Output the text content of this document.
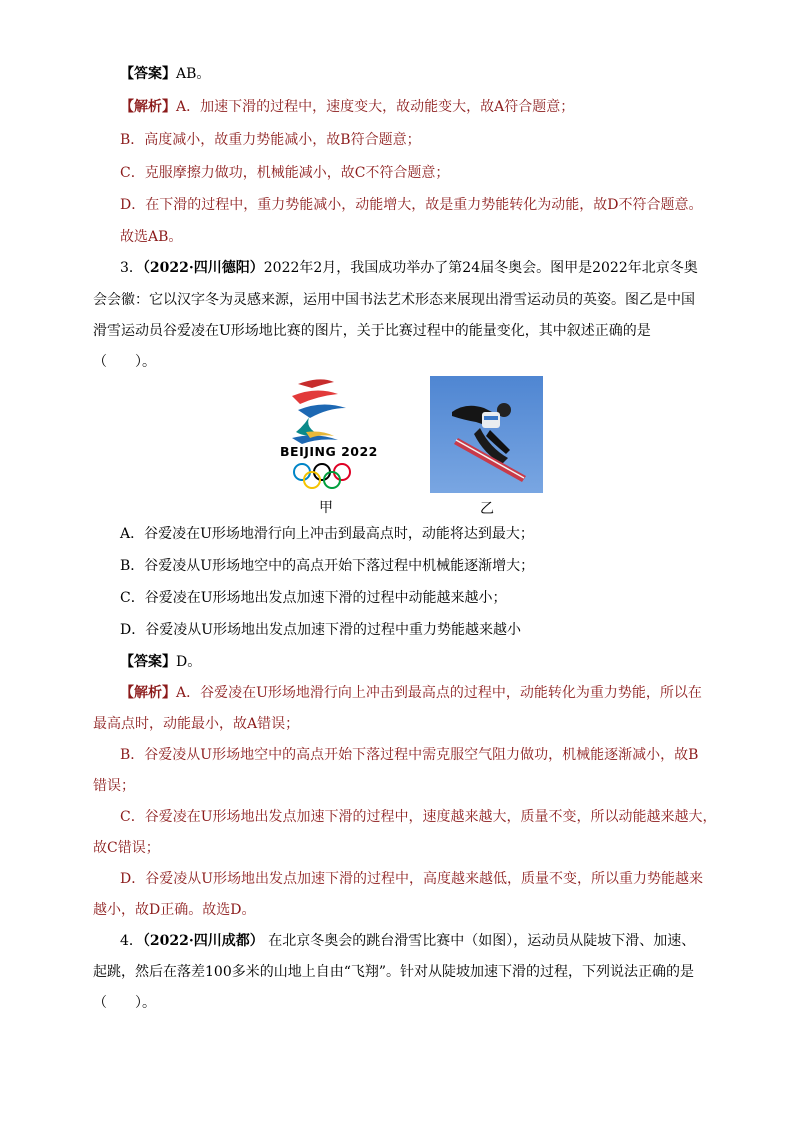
【答案】AB。
【解析】A．加速下滑的过程中，速度变大，故动能变大，故A符合题意；
B．高度减小，故重力势能减小，故B符合题意；
C．克服摩擦力做功，机械能减小，故C不符合题意；
D．在下滑的过程中，重力势能减小，动能增大，故是重力势能转化为动能，故D不符合题意。
故选AB。
3．（2022·四川德阳）2022年2月，我国成功举办了第24届冬奥会。图甲是2022年北京冬奥
会会徽：它以汉字冬为灵感来源，运用中国书法艺术形态来展现出滑雪运动员的英姿。图乙是中国
滑雪运动员谷爱凌在U形场地比赛的图片，关于比赛过程中的能量变化，其中叙述正确的是
（　　）。
BEIJING 2022
甲	乙
A．谷爱凌在U形场地滑行向上冲击到最高点时，动能将达到最大；
B．谷爱凌从U形场地空中的高点开始下落过程中机械能逐渐增大；
C．谷爱凌在U形场地出发点加速下滑的过程中动能越来越小；
D．谷爱凌从U形场地出发点加速下滑的过程中重力势能越来越小
【答案】D。
【解析】A．谷爱凌在U形场地滑行向上冲击到最高点的过程中，动能转化为重力势能，所以在
最高点时，动能最小，故A错误；
B．谷爱凌从U形场地空中的高点开始下落过程中需克服空气阻力做功，机械能逐渐减小，故B
错误；
C．谷爱凌在U形场地出发点加速下滑的过程中，速度越来越大，质量不变，所以动能越来越大，
故C错误；
D．谷爱凌从U形场地出发点加速下滑的过程中，高度越来越低，质量不变，所以重力势能越来
越小，故D正确。故选D。
4．（2022·四川成都） 在北京冬奥会的跳台滑雪比赛中（如图），运动员从陡坡下滑、加速、
起跳，然后在落差100多米的山地上自由“飞翔”。针对从陡坡加速下滑的过程，下列说法正确的是
（　　）。
